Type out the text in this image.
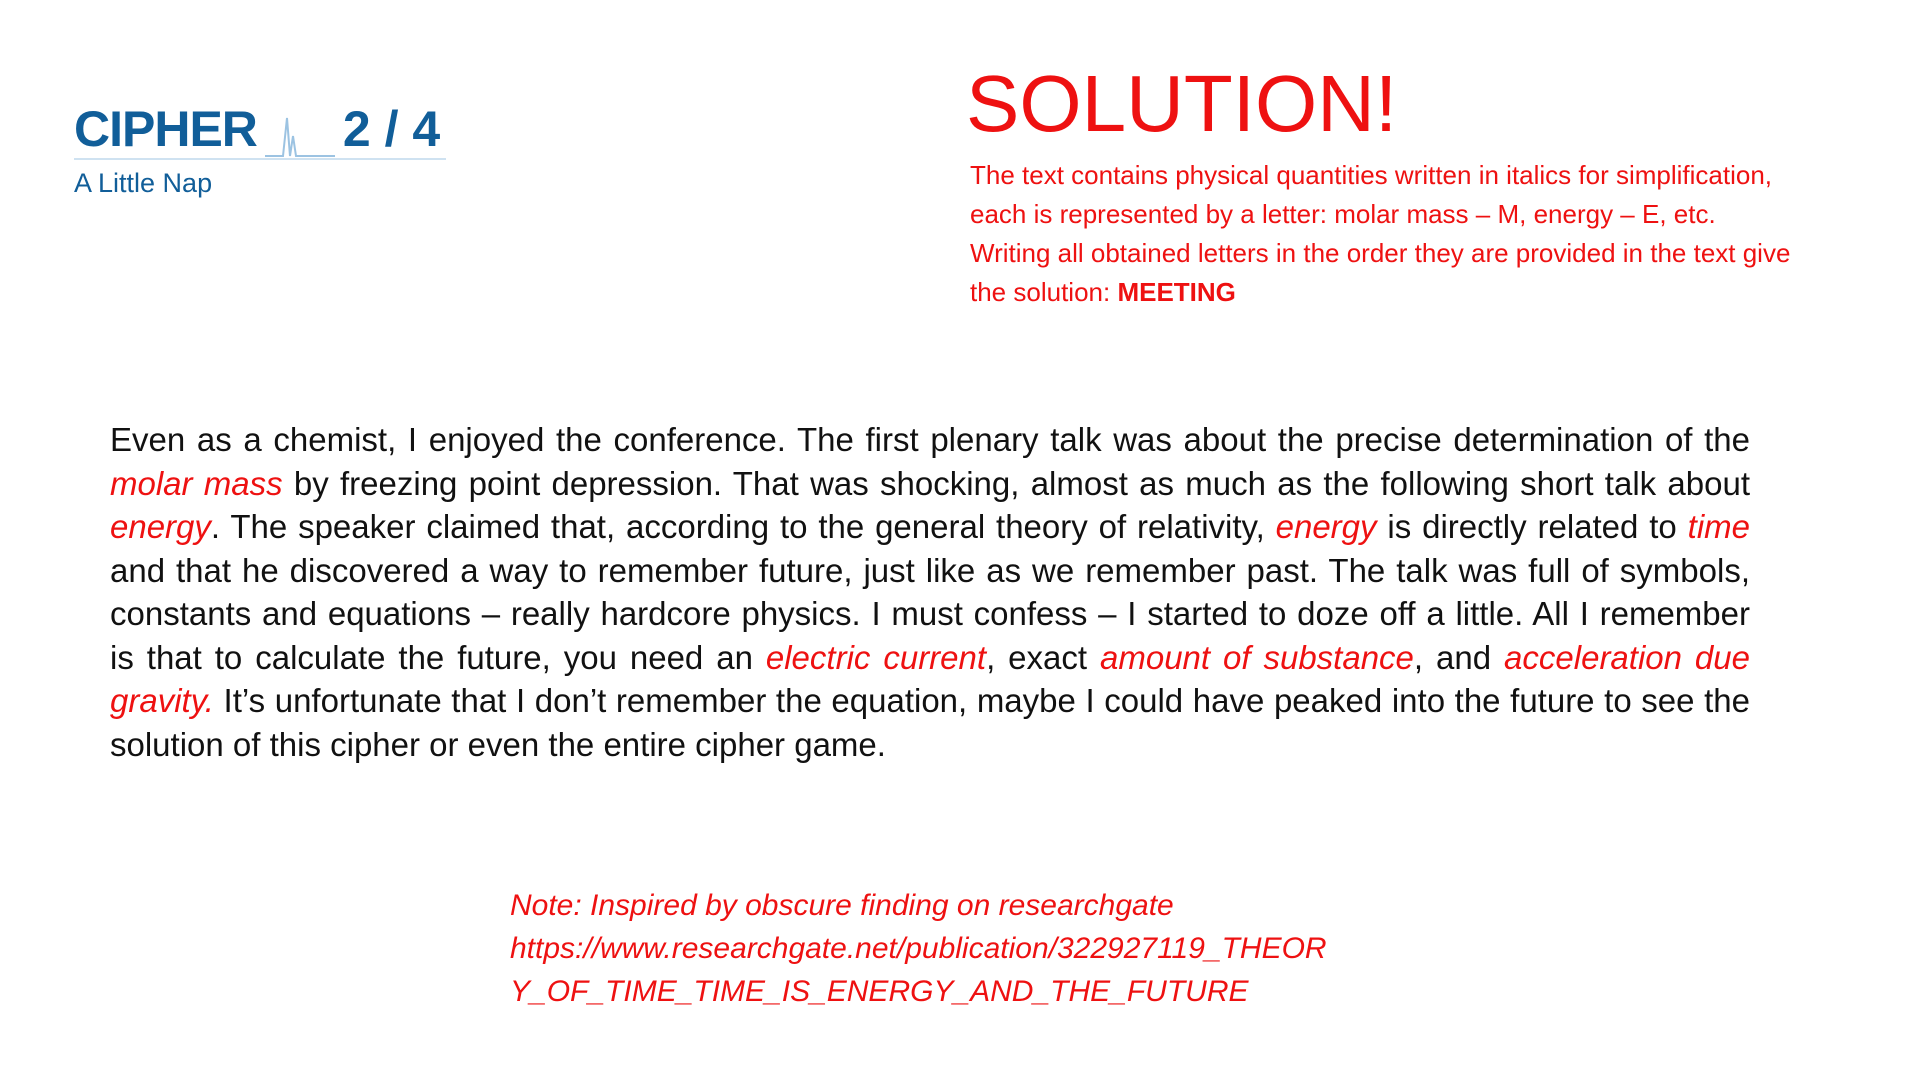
CIPHER 2 / 4
A Little Nap
SOLUTION!

The text contains physical quantities written in italics for simplification, each is represented by a letter: molar mass – M, energy – E, etc.

Writing all obtained letters in the order they are provided in the text give the solution: MEETING

Even as a chemist, I enjoyed the conference. The first plenary talk was about the precise determination of the molar mass by freezing point depression. That was shocking, almost as much as the following short talk about energy. The speaker claimed that, according to the general theory of relativity, energy is directly related to time and that he discovered a way to remember future, just like as we remember past. The talk was full of symbols, constants and equations – really hardcore physics. I must confess – I started to doze off a little. All I remember is that to calculate the future, you need an electric current, exact amount of substance, and acceleration due gravity. It’s unfortunate that I don’t remember the equation, maybe I could have peaked into the future to see the solution of this cipher or even the entire cipher game.

Note: Inspired by obscure finding on researchgate
https://www.researchgate.net/publication/322927119_THEOR
Y_OF_TIME_TIME_IS_ENERGY_AND_THE_FUTURE
